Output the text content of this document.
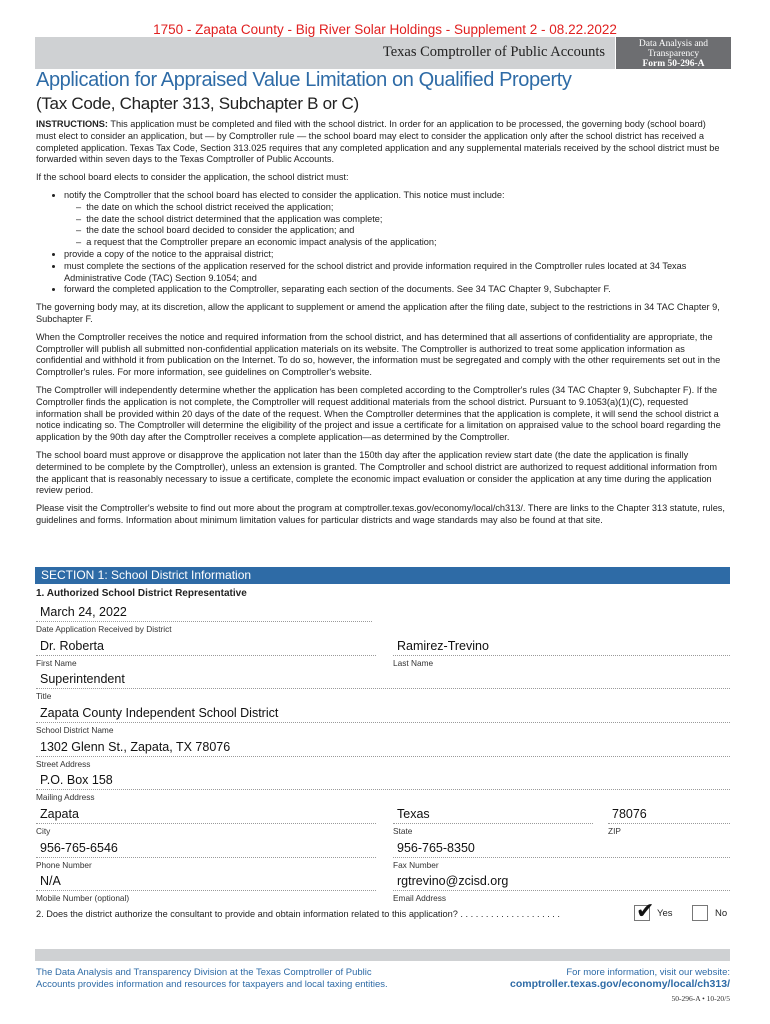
1750 - Zapata County - Big River Solar Holdings - Supplement 2 - 08.22.2022
Texas Comptroller of Public Accounts	Data Analysis and
Transparency
Form 50-296-A
Application for Appraised Value Limitation on Qualified Property
(Tax Code, Chapter 313, Subchapter B or C)

INSTRUCTIONS: This application must be completed and filed with the school district. In order for an application to be processed, the governing body (school board) must elect to consider an application, but — by Comptroller rule — the school board may elect to consider the application only after the school district has received a completed application. Texas Tax Code, Section 313.025 requires that any completed application and any supplemental materials received by the school district must be forwarded within seven days to the Texas Comptroller of Public Accounts.

If the school board elects to consider the application, the school district must:

• notify the Comptroller that the school board has elected to consider the application. This notice must include:
–  the date on which the school district received the application;
–  the date the school district determined that the application was complete;
–  the date the school board decided to consider the application; and
–  a request that the Comptroller prepare an economic impact analysis of the application;
• provide a copy of the notice to the appraisal district;
• must complete the sections of the application reserved for the school district and provide information required in the Comptroller rules located at 34 Texas Administrative Code (TAC) Section 9.1054; and
• forward the completed application to the Comptroller, separating each section of the documents. See 34 TAC Chapter 9, Subchapter F.

The governing body may, at its discretion, allow the applicant to supplement or amend the application after the filing date, subject to the restrictions in 34 TAC Chapter 9, Subchapter F.

When the Comptroller receives the notice and required information from the school district, and has determined that all assertions of confidentiality are appropriate, the Comptroller will publish all submitted non-confidential application materials on its website. The Comptroller is authorized to treat some application information as confidential and withhold it from publication on the Internet. To do so, however, the information must be segregated and comply with the other requirements set out in the Comptroller's rules. For more information, see guidelines on Comptroller's website.

The Comptroller will independently determine whether the application has been completed according to the Comptroller's rules (34 TAC Chapter 9, Subchapter F). If the Comptroller finds the application is not complete, the Comptroller will request additional materials from the school district. Pursuant to 9.1053(a)(1)(C), requested information shall be provided within 20 days of the date of the request. When the Comptroller determines that the application is complete, it will send the school district a notice indicating so. The Comptroller will determine the eligibility of the project and issue a certificate for a limitation on appraised value to the school board regarding the application by the 90th day after the Comptroller receives a complete application—as determined by the Comptroller.

The school board must approve or disapprove the application not later than the 150th day after the application review start date (the date the application is finally determined to be complete by the Comptroller), unless an extension is granted. The Comptroller and school district are authorized to request additional information from the applicant that is reasonably necessary to issue a certificate, complete the economic impact evaluation or consider the application at any time during the application review period.

Please visit the Comptroller's website to find out more about the program at comptroller.texas.gov/economy/local/ch313/. There are links to the Chapter 313 statute, rules, guidelines and forms. Information about minimum limitation values for particular districts and wage standards may also be found at that site.

SECTION 1: School District Information
1. Authorized School District Representative
March 24, 2022
Date Application Received by District
Dr. Roberta
First Name
Ramirez-Trevino
Last Name
Superintendent
Title
Zapata County Independent School District
School District Name
1302 Glenn St., Zapata, TX 78076
Street Address
P.O. Box 158
Mailing Address
Zapata
City
Texas
State
78076
ZIP
956-765-6546
Phone Number
956-765-8350
Fax Number
N/A
Mobile Number (optional)
rgtrevino@zcisd.org
Email Address
2. Does the district authorize the consultant to provide and obtain information related to this application? . . . . . . . . . . . . . . . . . . . .	✔ Yes	No
The Data Analysis and Transparency Division at the Texas Comptroller of Public Accounts provides information and resources for taxpayers and local taxing entities.
For more information, visit our website:
comptroller.texas.gov/economy/local/ch313/
50-296-A • 10-20/5
